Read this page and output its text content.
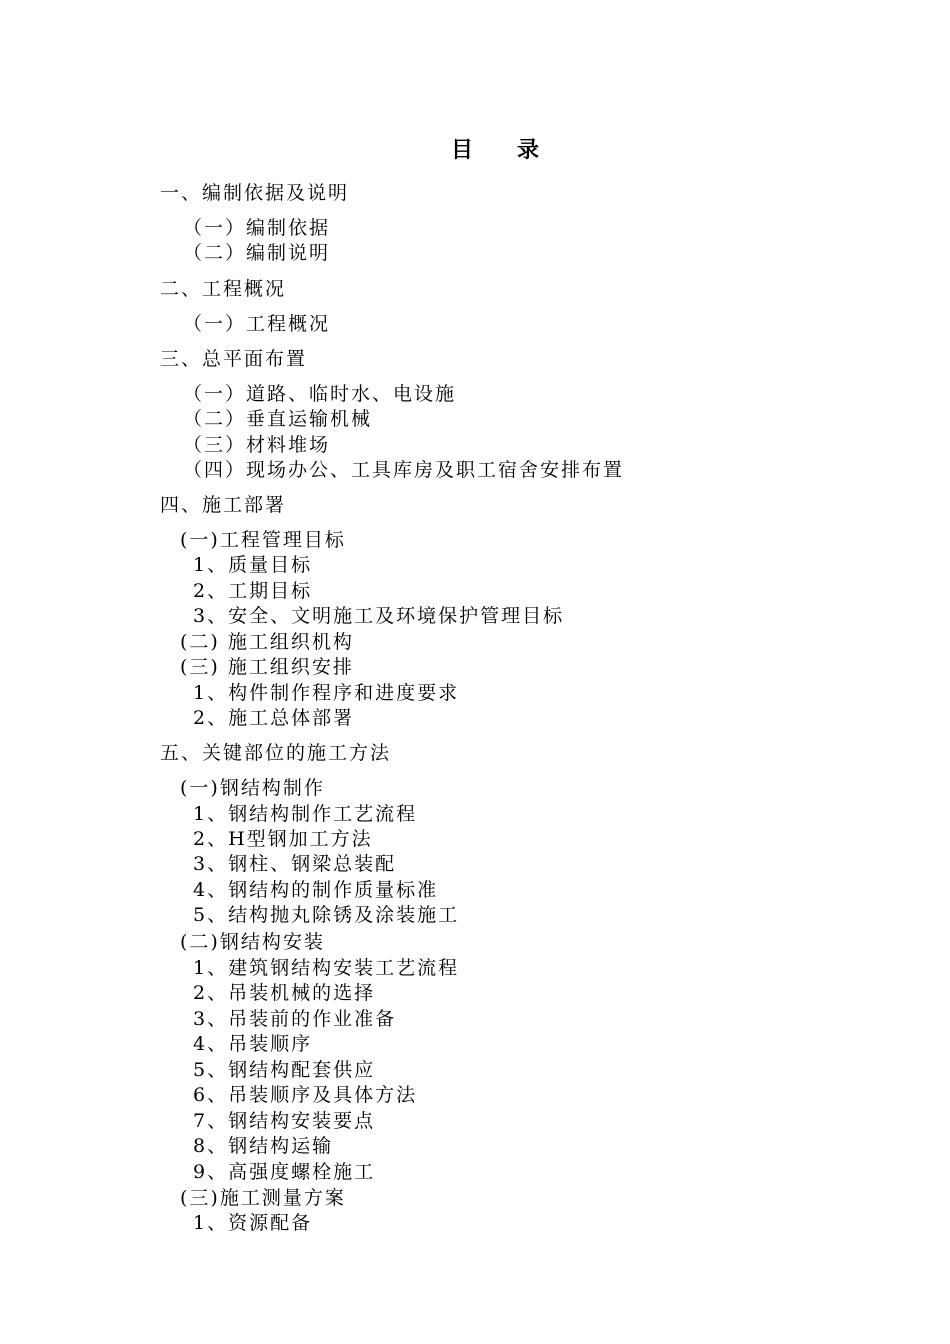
目　　录
一、编制依据及说明
（一）编制依据
（二）编制说明
二、工程概况
（一）工程概况
三、总平面布置
（一）道路、临时水、电设施
（二）垂直运输机械
（三）材料堆场
（四）现场办公、工具库房及职工宿舍安排布置
四、施工部署
(一)工程管理目标
1、质量目标
2、工期目标
3、安全、文明施工及环境保护管理目标
(二) 施工组织机构
(三) 施工组织安排
1、构件制作程序和进度要求
2、施工总体部署
五、关键部位的施工方法
(一)钢结构制作
1、钢结构制作工艺流程
2、H型钢加工方法
3、钢柱、钢梁总装配
4、钢结构的制作质量标准
5、结构抛丸除锈及涂装施工
(二)钢结构安装
1、建筑钢结构安装工艺流程
2、吊装机械的选择
3、吊装前的作业准备
4、吊装顺序
5、钢结构配套供应
6、吊装顺序及具体方法
7、钢结构安装要点
8、钢结构运输
9、高强度螺栓施工
(三)施工测量方案
1、资源配备
